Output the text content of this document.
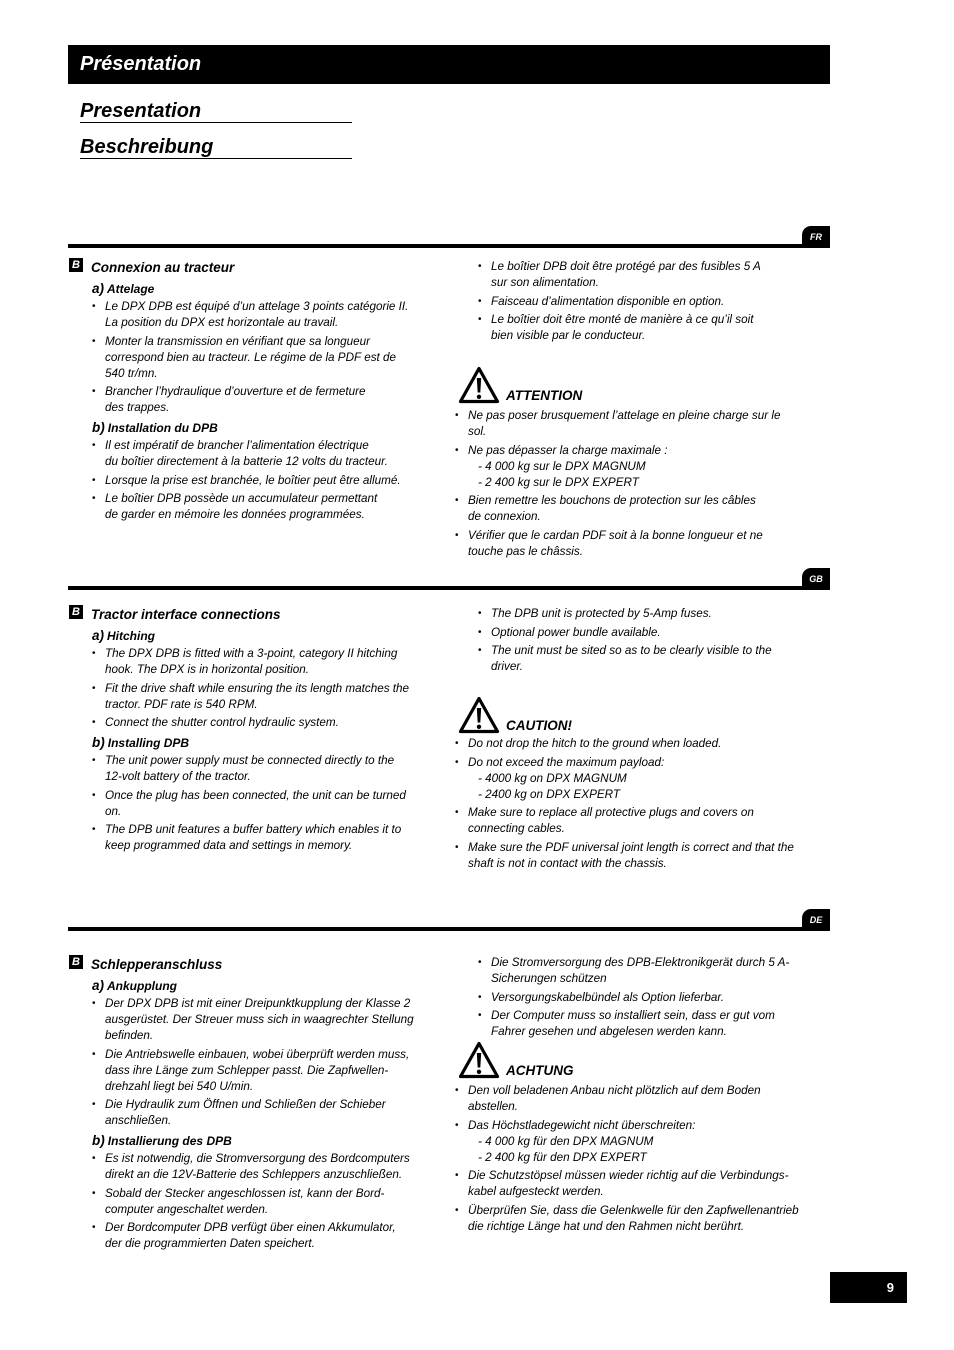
Présentation
Presentation
Beschreibung
FR
B Connexion au tracteur
a) Attelage
• Le DPX DPB est équipé d’un attelage 3 points catégorie II.
La position du DPX est horizontale au travail.
• Monter la transmission en vérifiant que sa longueur
correspond bien au tracteur. Le régime de la PDF est de
540 tr/mn.
• Brancher l’hydraulique d’ouverture et de fermeture
des trappes.
b) Installation du DPB
• Il est impératif de brancher l’alimentation électrique
du boîtier directement à la batterie 12 volts du tracteur.
• Lorsque la prise est branchée, le boîtier peut être allumé.
• Le boîtier DPB possède un accumulateur permettant
de garder en mémoire les données programmées.
• Le boîtier DPB doit être protégé par des fusibles 5 A
sur son alimentation.
• Faisceau d’alimentation disponible en option.
• Le boîtier doit être monté de manière à ce qu’il soit
bien visible par le conducteur.
ATTENTION
• Ne pas poser brusquement l’attelage en pleine charge sur le
sol.
• Ne pas dépasser la charge maximale :
- 4 000 kg sur le DPX MAGNUM
- 2 400 kg sur le DPX EXPERT
• Bien remettre les bouchons de protection sur les câbles
de connexion.
• Vérifier que le cardan PDF soit à la bonne longueur et ne
touche pas le châssis.
GB
B Tractor interface connections
a) Hitching
• The DPX DPB is fitted with a 3-point, category II hitching
hook. The DPX is in horizontal position.
• Fit the drive shaft while ensuring the its length matches the
tractor. PDF rate is 540 RPM.
• Connect the shutter control hydraulic system.
b) Installing DPB
• The unit power supply must be connected directly to the
12-volt battery of the tractor.
• Once the plug has been connected, the unit can be turned
on.
• The DPB unit features a buffer battery which enables it to
keep programmed data and settings in memory.
• The DPB unit is protected by 5-Amp fuses.
• Optional power bundle available.
• The unit must be sited so as to be clearly visible to the
driver.
CAUTION!
• Do not drop the hitch to the ground when loaded.
• Do not exceed the maximum payload:
- 4000 kg on DPX MAGNUM
- 2400 kg on DPX EXPERT
• Make sure to replace all protective plugs and covers on
connecting cables.
• Make sure the PDF universal joint length is correct and that the
shaft is not in contact with the chassis.
DE
B Schlepperanschluss
a) Ankupplung
• Der DPX DPB ist mit einer Dreipunktkupplung der Klasse 2
ausgerüstet. Der Streuer muss sich in waagrechter Stellung
befinden.
• Die Antriebswelle einbauen, wobei überprüft werden muss,
dass ihre Länge zum Schlepper passt. Die Zapfwellen-
drehzahl liegt bei 540 U/min.
• Die Hydraulik zum Öffnen und Schließen der Schieber
anschließen.
b) Installierung des DPB
• Es ist notwendig, die Stromversorgung des Bordcomputers
direkt an die 12V-Batterie des Schleppers anzuschließen.
• Sobald der Stecker angeschlossen ist, kann der Bord-
computer angeschaltet werden.
• Der Bordcomputer DPB verfügt über einen Akkumulator,
der die programmierten Daten speichert.
• Die Stromversorgung des DPB-Elektronikgerät durch 5 A-
Sicherungen schützen
• Versorgungskabelbündel als Option lieferbar.
• Der Computer muss so installiert sein, dass er gut vom
Fahrer gesehen und abgelesen werden kann.
ACHTUNG
• Den voll beladenen Anbau nicht plötzlich auf dem Boden
abstellen.
• Das Höchstladegewicht nicht überschreiten:
- 4 000 kg für den DPX MAGNUM
- 2 400 kg für den DPX EXPERT
• Die Schutzstöpsel müssen wieder richtig auf die Verbindungs-
kabel aufgesteckt werden.
• Überprüfen Sie, dass die Gelenkwelle für den Zapfwellenantrieb
die richtige Länge hat und den Rahmen nicht berührt.
9
